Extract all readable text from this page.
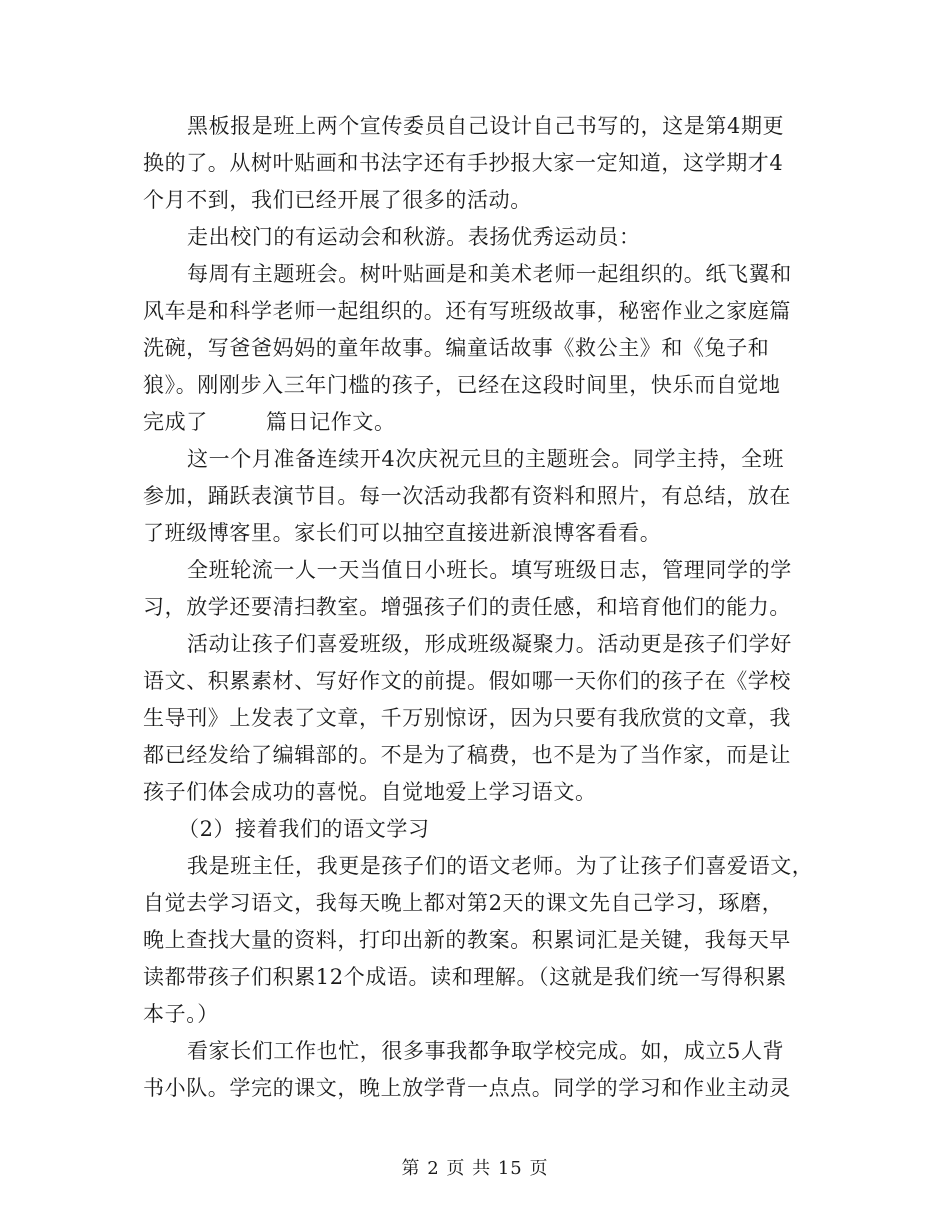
黑板报是班上两个宣传委员自己设计自己书写的，这是第4期更
换的了。从树叶贴画和书法字还有手抄报大家一定知道，这学期才4
个月不到，我们已经开展了很多的活动。
走出校门的有运动会和秋游。表扬优秀运动员：
每周有主题班会。树叶贴画是和美术老师一起组织的。纸飞翼和
风车是和科学老师一起组织的。还有写班级故事，秘密作业之家庭篇
洗碗，写爸爸妈妈的童年故事。编童话故事《救公主》和《兔子和
狼》。刚刚步入三年门槛的孩子，已经在这段时间里，快乐而自觉地
完成了        篇日记作文。
这一个月准备连续开4次庆祝元旦的主题班会。同学主持，全班
参加，踊跃表演节目。每一次活动我都有资料和照片，有总结，放在
了班级博客里。家长们可以抽空直接进新浪博客看看。
全班轮流一人一天当值日小班长。填写班级日志，管理同学的学
习，放学还要清扫教室。增强孩子们的责任感，和培育他们的能力。
活动让孩子们喜爱班级，形成班级凝聚力。活动更是孩子们学好
语文、积累素材、写好作文的前提。假如哪一天你们的孩子在《学校
生导刊》上发表了文章，千万别惊讶，因为只要有我欣赏的文章，我
都已经发给了编辑部的。不是为了稿费，也不是为了当作家，而是让
孩子们体会成功的喜悦。自觉地爱上学习语文。
（2）接着我们的语文学习
我是班主任，我更是孩子们的语文老师。为了让孩子们喜爱语文，
自觉去学习语文，我每天晚上都对第2天的课文先自己学习，琢磨，
晚上查找大量的资料，打印出新的教案。积累词汇是关键，我每天早
读都带孩子们积累12个成语。读和理解。（这就是我们统一写得积累
本子。）
看家长们工作也忙，很多事我都争取学校完成。如，成立5人背
书小队。学完的课文，晚上放学背一点点。同学的学习和作业主动灵
第 2 页 共 15 页
